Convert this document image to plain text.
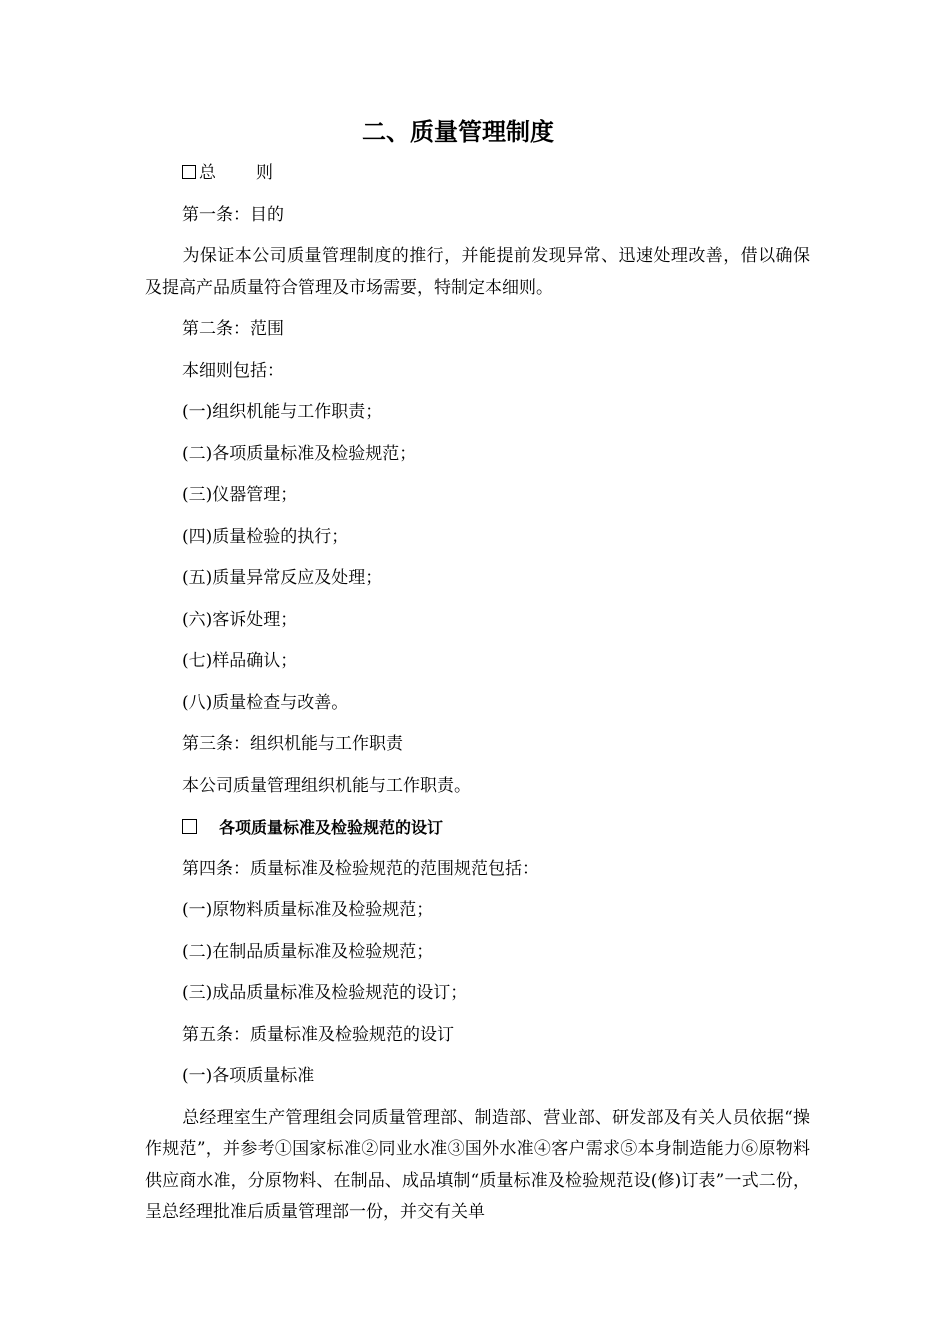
二、质量管理制度

总 则

第一条：目的

为保证本公司质量管理制度的推行，并能提前发现异常、迅速处理改善，借以确保及提高产品质量符合管理及市场需要，特制定本细则。

第二条：范围

本细则包括：

(一)组织机能与工作职责；

(二)各项质量标准及检验规范；

(三)仪器管理；

(四)质量检验的执行；

(五)质量异常反应及处理；

(六)客诉处理；

(七)样品确认；

(八)质量检查与改善。

第三条：组织机能与工作职责

本公司质量管理组织机能与工作职责。

各项质量标准及检验规范的设订

第四条：质量标准及检验规范的范围规范包括：

(一)原物料质量标准及检验规范；

(二)在制品质量标准及检验规范；

(三)成品质量标准及检验规范的设订；

第五条：质量标准及检验规范的设订

(一)各项质量标准

总经理室生产管理组会同质量管理部、制造部、营业部、研发部及有关人员依据“操作规范”，并参考①国家标准②同业水准③国外水准④客户需求⑤本身制造能力⑥原物料供应商水准，分原物料、在制品、成品填制“质量标准及检验规范设(修)订表”一式二份，呈总经理批准后质量管理部一份，并交有关单
